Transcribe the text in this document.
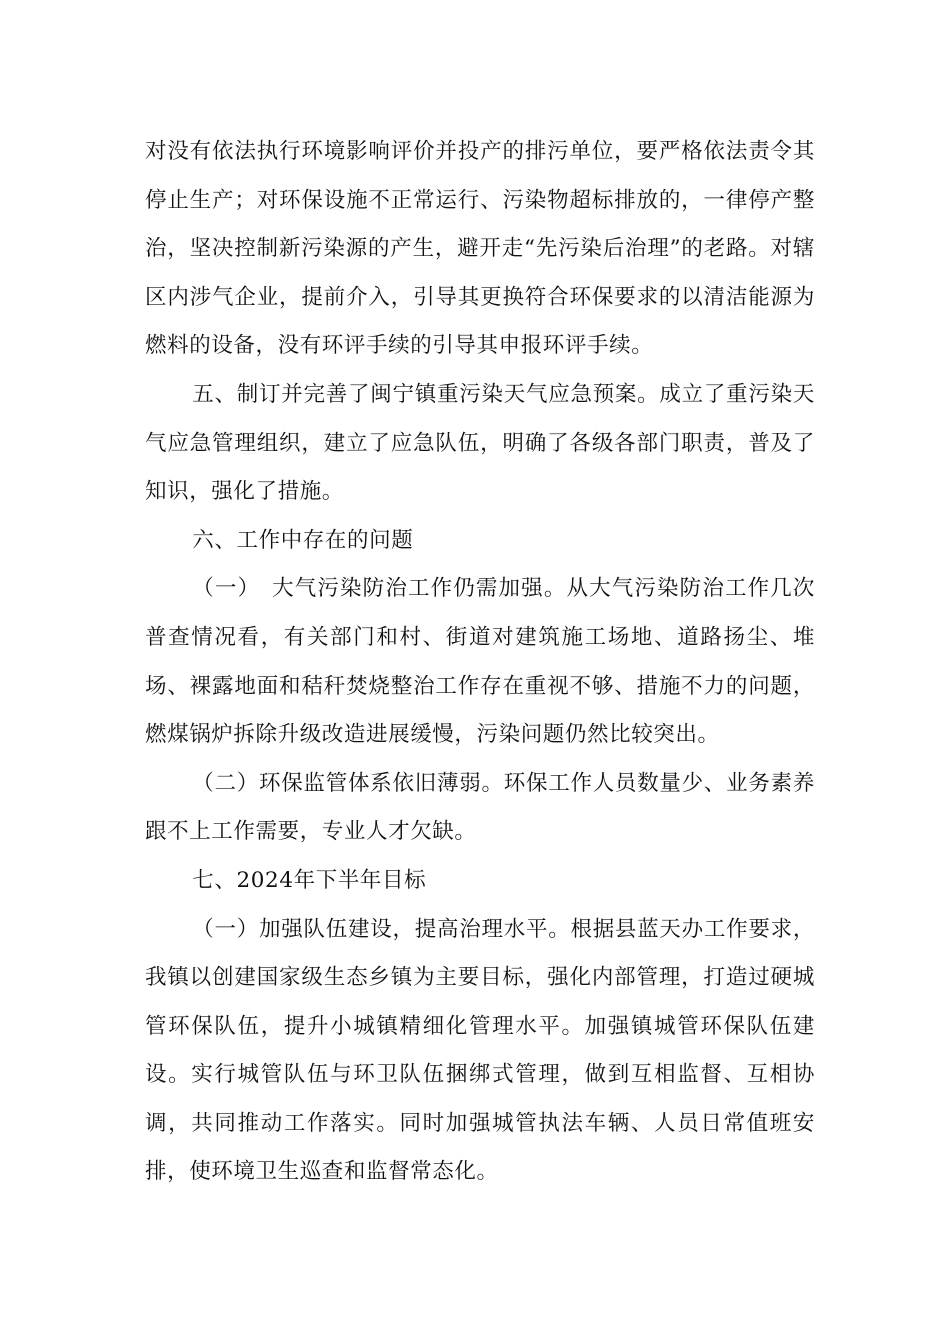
对没有依法执行环境影响评价并投产的排污单位，要严格依法责令其停止生产；对环保设施不正常运行、污染物超标排放的，一律停产整治，坚决控制新污染源的产生，避开走“先污染后治理”的老路。对辖区内涉气企业，提前介入，引导其更换符合环保要求的以清洁能源为燃料的设备，没有环评手续的引导其申报环评手续。

五、制订并完善了闽宁镇重污染天气应急预案。成立了重污染天气应急管理组织，建立了应急队伍，明确了各级各部门职责，普及了知识，强化了措施。

六、工作中存在的问题

（一）　大气污染防治工作仍需加强。从大气污染防治工作几次普查情况看，有关部门和村、街道对建筑施工场地、道路扬尘、堆场、裸露地面和秸秆焚烧整治工作存在重视不够、措施不力的问题，燃煤锅炉拆除升级改造进展缓慢，污染问题仍然比较突出。

（二）环保监管体系依旧薄弱。环保工作人员数量少、业务素养跟不上工作需要，专业人才欠缺。

七、2024年下半年目标

（一）加强队伍建设，提高治理水平。根据县蓝天办工作要求，我镇以创建国家级生态乡镇为主要目标，强化内部管理，打造过硬城管环保队伍，提升小城镇精细化管理水平。加强镇城管环保队伍建设。实行城管队伍与环卫队伍捆绑式管理，做到互相监督、互相协调，共同推动工作落实。同时加强城管执法车辆、人员日常值班安排，使环境卫生巡查和监督常态化。
